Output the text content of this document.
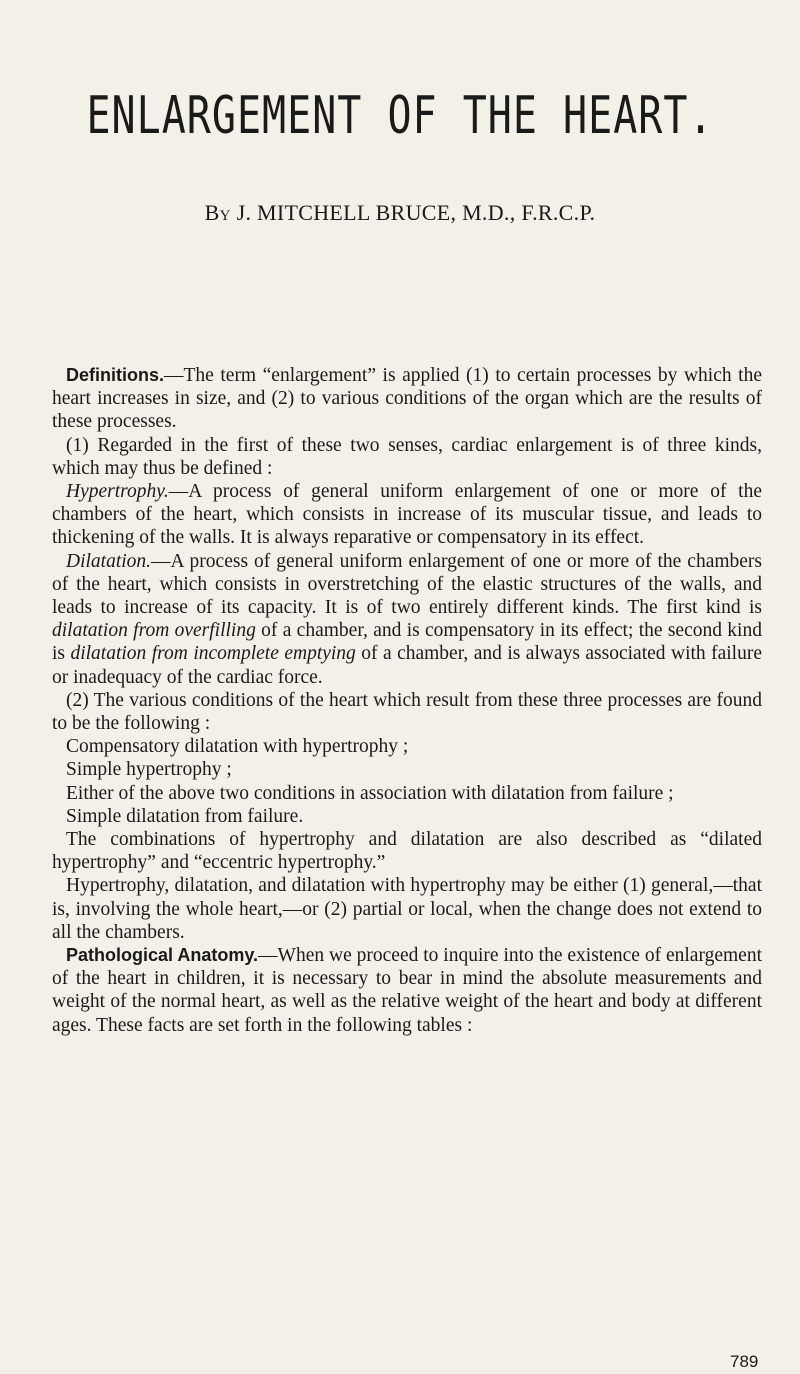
ENLARGEMENT OF THE HEART.
By J. MITCHELL BRUCE, M.D., F.R.C.P.

Definitions.—The term “enlargement” is applied (1) to certain processes by which the heart increases in size, and (2) to various conditions of the organ which are the results of these processes.

(1) Regarded in the first of these two senses, cardiac enlargement is of three kinds, which may thus be defined :

Hypertrophy.—A process of general uniform enlargement of one or more of the chambers of the heart, which consists in increase of its muscular tissue, and leads to thickening of the walls. It is always reparative or compensatory in its effect.

Dilatation.—A process of general uniform enlargement of one or more of the chambers of the heart, which consists in overstretching of the elastic structures of the walls, and leads to increase of its capacity. It is of two entirely different kinds. The first kind is dilatation from overfilling of a chamber, and is compensatory in its effect; the second kind is dilatation from incomplete emptying of a chamber, and is always associated with failure or inadequacy of the cardiac force.

(2) The various conditions of the heart which result from these three processes are found to be the following :

Compensatory dilatation with hypertrophy ;

Simple hypertrophy ;

Either of the above two conditions in association with dilatation from failure ;

Simple dilatation from failure.

The combinations of hypertrophy and dilatation are also described as “dilated hypertrophy” and “eccentric hypertrophy.”

Hypertrophy, dilatation, and dilatation with hypertrophy may be either (1) general,—that is, involving the whole heart,—or (2) partial or local, when the change does not extend to all the chambers.

Pathological Anatomy.—When we proceed to inquire into the existence of enlargement of the heart in children, it is necessary to bear in mind the absolute measurements and weight of the normal heart, as well as the relative weight of the heart and body at different ages. These facts are set forth in the following tables :

789
